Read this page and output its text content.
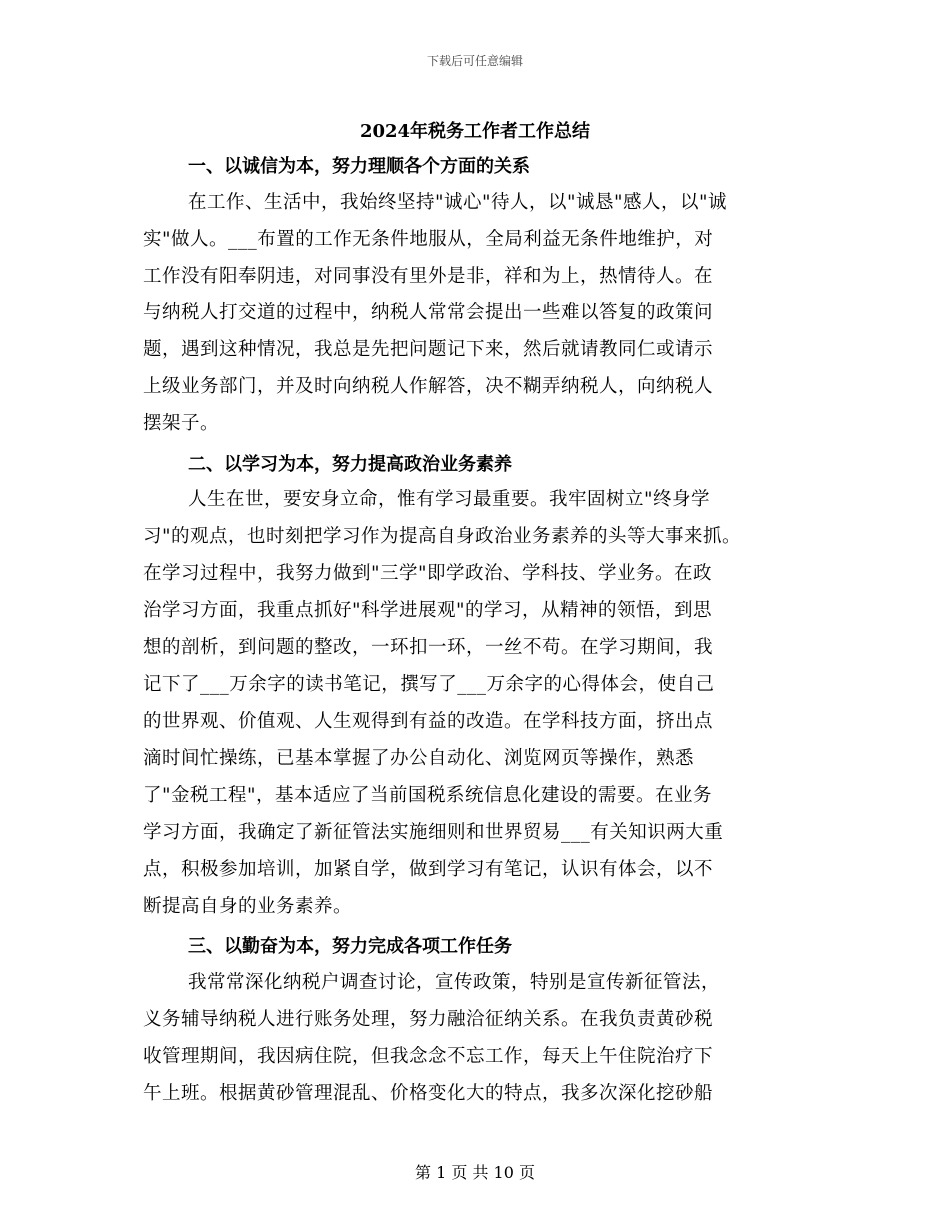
下载后可任意编辑
2024年税务工作者工作总结
一、以诚信为本，努力理顺各个方面的关系
在工作、生活中，我始终坚持"诚心"待人，以"诚恳"感人，以"诚
实"做人。___布置的工作无条件地服从，全局利益无条件地维护，对
工作没有阳奉阴违，对同事没有里外是非，祥和为上，热情待人。在
与纳税人打交道的过程中，纳税人常常会提出一些难以答复的政策问
题，遇到这种情况，我总是先把问题记下来，然后就请教同仁或请示
上级业务部门，并及时向纳税人作解答，决不糊弄纳税人，向纳税人
摆架子。
二、以学习为本，努力提高政治业务素养
人生在世，要安身立命，惟有学习最重要。我牢固树立"终身学
习"的观点，也时刻把学习作为提高自身政治业务素养的头等大事来抓。
在学习过程中，我努力做到"三学"即学政治、学科技、学业务。在政
治学习方面，我重点抓好"科学进展观"的学习，从精神的领悟，到思
想的剖析，到问题的整改，一环扣一环，一丝不苟。在学习期间，我
记下了___万余字的读书笔记，撰写了___万余字的心得体会，使自己
的世界观、价值观、人生观得到有益的改造。在学科技方面，挤出点
滴时间忙操练，已基本掌握了办公自动化、浏览网页等操作，熟悉
了"金税工程"，基本适应了当前国税系统信息化建设的需要。在业务
学习方面，我确定了新征管法实施细则和世界贸易___有关知识两大重
点，积极参加培训，加紧自学，做到学习有笔记，认识有体会，以不
断提高自身的业务素养。
三、以勤奋为本，努力完成各项工作任务
我常常深化纳税户调查讨论，宣传政策，特别是宣传新征管法，
义务辅导纳税人进行账务处理，努力融洽征纳关系。在我负责黄砂税
收管理期间，我因病住院，但我念念不忘工作，每天上午住院治疗下
午上班。根据黄砂管理混乱、价格变化大的特点，我多次深化挖砂船
第 1 页 共 10 页
